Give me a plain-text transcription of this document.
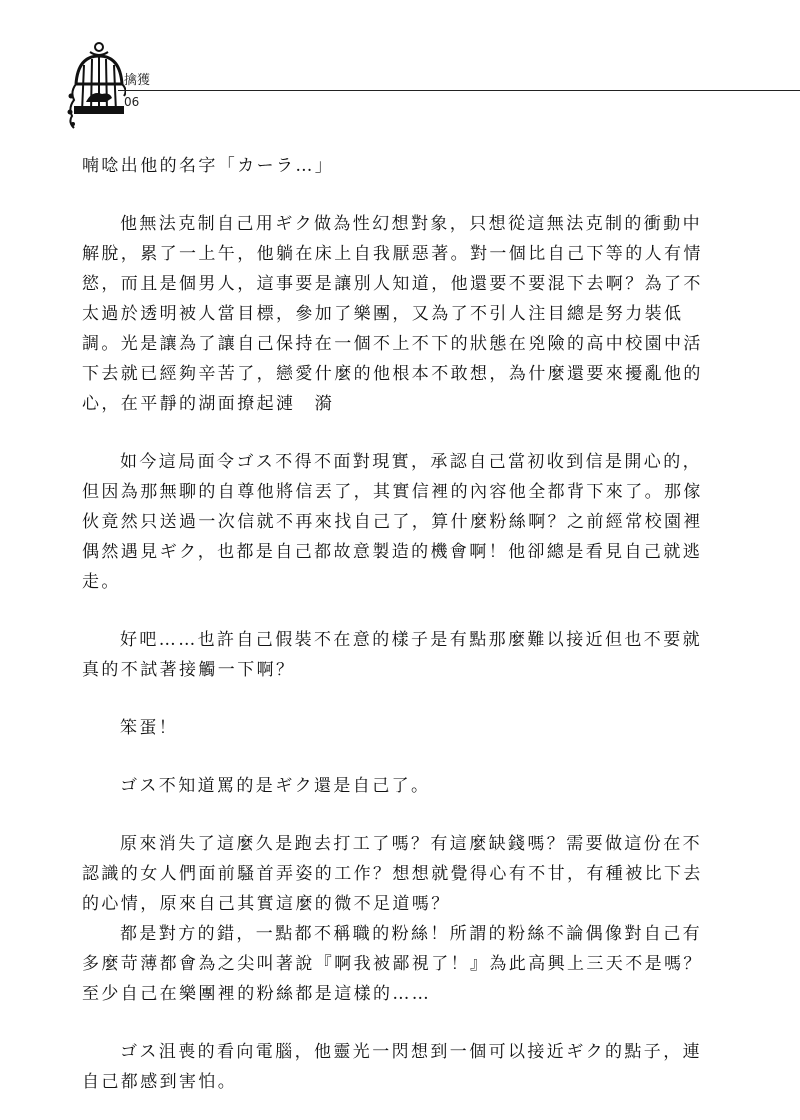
擒獲
06

喃唸出他的名字「カーラ…」

他無法克制自己用ギク做為性幻想對象，只想從這無法克制的衝動中解脫，累了一上午，他躺在床上自我厭惡著。對一個比自己下等的人有情慾，而且是個男人，這事要是讓別人知道，他還要不要混下去啊？為了不太過於透明被人當目標，參加了樂團，又為了不引人注目總是努力裝低調。光是讓為了讓自己保持在一個不上不下的狀態在兇險的高中校園中活下去就已經夠辛苦了，戀愛什麼的他根本不敢想，為什麼還要來擾亂他的心，在平靜的湖面撩起漣　漪

如今這局面令ゴス不得不面對現實，承認自己當初收到信是開心的，但因為那無聊的自尊他將信丟了，其實信裡的內容他全都背下來了。那傢伙竟然只送過一次信就不再來找自己了，算什麼粉絲啊？之前經常校園裡偶然遇見ギク，也都是自己都故意製造的機會啊！他卻總是看見自己就逃走。

好吧……也許自己假裝不在意的樣子是有點那麼難以接近但也不要就真的不試著接觸一下啊？

笨蛋！

ゴス不知道罵的是ギク還是自己了。

原來消失了這麼久是跑去打工了嗎？有這麼缺錢嗎？需要做這份在不認識的女人們面前騷首弄姿的工作？想想就覺得心有不甘，有種被比下去的心情，原來自己其實這麼的微不足道嗎？

都是對方的錯，一點都不稱職的粉絲！所謂的粉絲不論偶像對自己有多麼苛薄都會為之尖叫著說『啊我被鄙視了！』為此高興上三天不是嗎？至少自己在樂團裡的粉絲都是這樣的……

ゴス沮喪的看向電腦，他靈光一閃想到一個可以接近ギク的點子，連自己都感到害怕。
